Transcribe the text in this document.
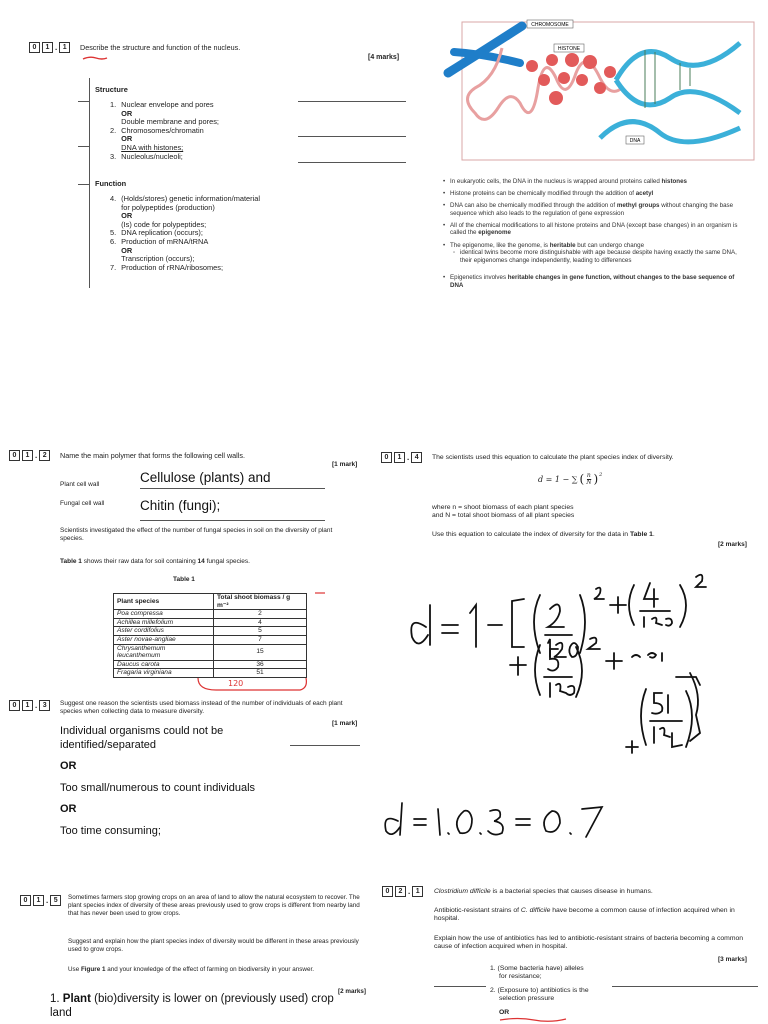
0	1 . 1	Describe the structure and function of the nucleus.
[4 marks]
Structure
1. Nuclear envelope and pores
OR
Double membrane and pores;
2. Chromosomes/chromatin
OR
DNA with histones;
3. Nucleolus/nucleoli;
Function
4. (Holds/stores) genetic information/material
for polypeptides (production)
OR
(Is) code for polypeptides;
5. DNA replication (occurs);
6. Production of mRNA/tRNA
OR
Transcription (occurs);
7. Production of rRNA/ribosomes;
CHROMOSOME
HISTONE
DNA
• In eukaryotic cells, the DNA in the nucleus is wrapped around proteins called histones
• Histone proteins can be chemically modified through the addition of acetyl
• DNA can also be chemically modified through the addition of methyl groups without changing the base sequence which also leads to the regulation of gene expression
• All of the chemical modifications to all histone proteins and DNA (except base changes) in an organism is called the epigenome
• The epigenome, like the genome, is heritable but can undergo change
◦ identical twins become more distinguishable with age because despite having exactly the same DNA, their epigenomes change independently, leading to differences
• Epigenetics involves heritable changes in gene function, without changes to the base sequence of DNA
0	1 . 2	Name the main polymer that forms the following cell walls.
[1 mark]
Plant cell wall	Cellulose (plants) and
Fungal cell wall	Chitin (fungi);
Scientists investigated the effect of the number of fungal species in soil on the diversity of plant species.
Table 1 shows their raw data for soil containing 14 fungal species.
Table 1
Plant species	Total shoot biomass / g m⁻²
Poa compressa	2
Achillea millefolium	4
Aster cordifolius	5
Aster novae-angliae	7
Chrysanthemum leucanthemum	15
Daucus carota	36
Fragaria virginiana	51
120
0	1 . 3	Suggest one reason the scientists used biomass instead of the number of individuals of each plant species when collecting data to measure diversity.
[1 mark]
Individual organisms could not be identified/separated
OR
Too small/numerous to count individuals
OR
Too time consuming;
0	1 . 4	The scientists used this equation to calculate the plant species index of diversity.
d = 1 − ∑ ( n
N )$^2$
where n = shoot biomass of each plant species
and N = total shoot biomass of all plant species
Use this equation to calculate the index of diversity for the data in Table 1.
[2 marks]
0	1 . 5	Sometimes farmers stop growing crops on an area of land to allow the natural ecosystem to recover. The plant species index of diversity of these areas previously used to grow crops is different from nearby land that has never been used to grow crops.
Suggest and explain how the plant species index of diversity would be different in these areas previously used to grow crops.
Use Figure 1 and your knowledge of the effect of farming on biodiversity in your answer.
[2 marks]
1. Plant (bio)diversity is lower on (previously used) crop land
0	2 . 1	Clostridium difficile is a bacterial species that causes disease in humans.
Antibiotic-resistant strains of C. difficile have become a common cause of infection acquired when in hospital.
Explain how the use of antibiotics has led to antibiotic-resistant strains of bacteria becoming a common cause of infection acquired when in hospital.
[3 marks]
1. (Some bacteria have) alleles
for resistance;
2. (Exposure to) antibiotics is the
selection pressure
OR
